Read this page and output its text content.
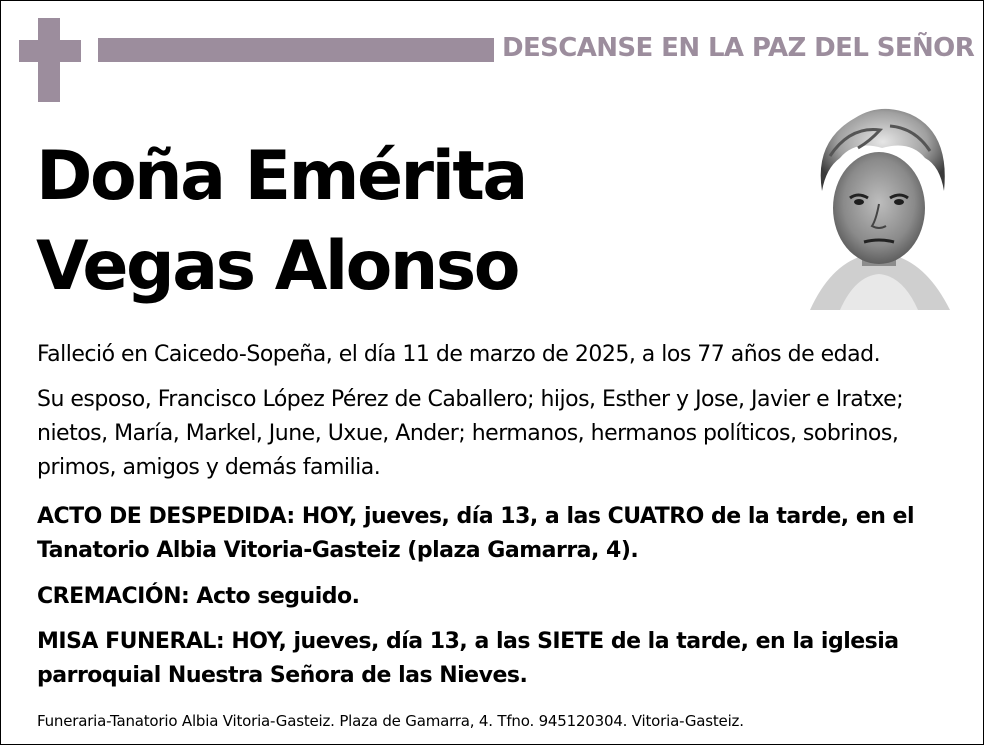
DESCANSE EN LA PAZ DEL SEÑOR
Doña Emérita
Vegas Alonso
Falleció en Caicedo-Sopeña, el día 11 de marzo de 2025, a los 77 años de edad.
Su esposo, Francisco López Pérez de Caballero; hijos, Esther y Jose, Javier e Iratxe; nietos, María, Markel, June, Uxue, Ander; hermanos, hermanos políticos, sobrinos, primos, amigos y demás familia.
ACTO DE DESPEDIDA: HOY, jueves, día 13, a las CUATRO de la tarde, en el Tanatorio Albia Vitoria-Gasteiz (plaza Gamarra, 4).
CREMACIÓN: Acto seguido.
MISA FUNERAL: HOY, jueves, día 13, a las SIETE de la tarde, en la iglesia parroquial Nuestra Señora de las Nieves.
Funeraria-Tanatorio Albia Vitoria-Gasteiz. Plaza de Gamarra, 4. Tfno. 945120304. Vitoria-Gasteiz.
